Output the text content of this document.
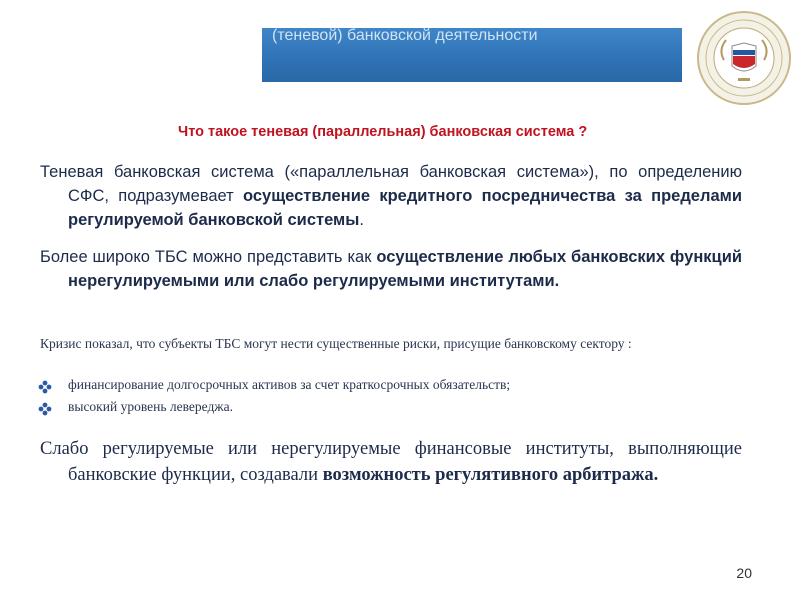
(теневой) банковской деятельности
Что такое теневая (параллельная) банковская система ?
Теневая банковская система («параллельная банковская система»), по определению СФС, подразумевает осуществление кредитного посредничества за пределами регулируемой банковской системы.
Более широко ТБС можно представить как осуществление любых банковских функций нерегулируемыми или слабо регулируемыми институтами.
Кризис показал, что субъекты ТБС могут нести существенные риски, присущие банковскому сектору :
финансирование долгосрочных активов за счет краткосрочных обязательств;
высокий уровень левереджа.
Слабо регулируемые или нерегулируемые финансовые институты, выполняющие банковские функции, создавали возможность регулятивного арбитража.
20
